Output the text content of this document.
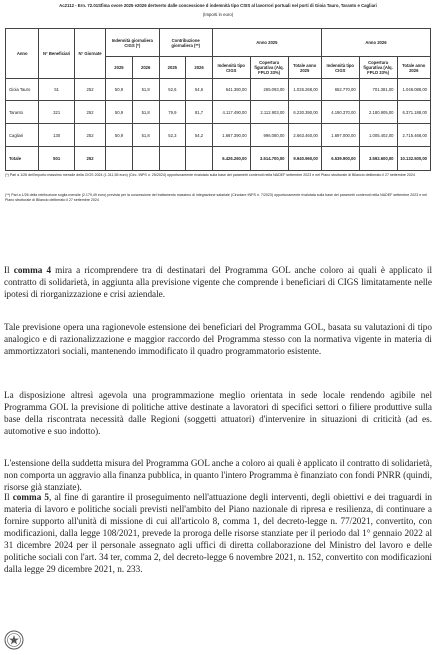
Ac2112 - Ern. 72.01Sfima ovore 2025 e2026 dertverto dalle concessione d indemnità tipo CSIS al lavorrori portuali nel porti di Gioia Tauro, Taranto e Cagliari
(Importi in euro)
Anno	N° Beneficiari	N° Giornate	Indennità giornaliera CIGS (*)		Contribuzione giornaliera (**)		Anno 2025			Anno 2026		
			2025	2026	2025	2026	Indennità tipo CIGS	Copertura figurativa (Alq. FPLD 33%)	Totale anno 2025	Indennità tipo CIGS	Copertura figurativa (Alq. FPLD 33%)	Totale anno 2026
Gioia Tauro	51	252	50,9	51,8	52,6	54,6	641.380,00	265.093,00	1.026.268,00	652.770,00	701.381,00	1.046.088,00
Taranto	321	252	50,9	51,8	79,9	81,7	4.117.490,00	2.112.903,00	6.230.390,00	4.190.370,00	2.180.905,00	6.371.188,00
Cagliari	130	252	50,9	51,8	52,3	54,2	1.667.390,00	996.080,00	2.663.460,00	1.697.000,00	1.005.402,00	2.715.468,00
Totale	501	252					6.426.260,00	3.514.700,00	9.940.960,00	6.539.900,00	3.592.600,00	10.132.500,00
(*) Pari a 1/26 dell'importo massimo mensile della CIGS 2024 (1.311,55 euro) (Circ. INPS n. 25/2024) opportunamente rivalutato sulla base dei parametri contenuti nella NADEF settembre 2023 e nel Piano strutturale di Bilancio deliberato il 27 settembre 2024
(**) Pari a 1/26 della retribuzione soglia mensile (2.179,49 euro) prevista per la concessione del trattamento massimo di integrazione salariale (Circolare INPS n. 7/2023) opportunamente rivalutata sulla base dei parametri contenuti nella NADEF settembre 2023 e nel Piano strutturale di Bilancio deliberato il 27 settembre 2024

Il comma 4 mira a ricomprendere tra di destinatari del Programma GOL anche coloro ai quali è applicato il contratto di solidarietà, in aggiunta alla previsione vigente che comprende i beneficiari di CIGS limitatamente nelle ipotesi di riorganizzazione e crisi aziendale.

Tale previsione opera una ragionevole estensione dei beneficiari del Programma GOL, basata su valutazioni di tipo analogico e di razionalizzazione e maggior raccordo del Programma stesso con la normativa vigente in materia di ammortizzatori sociali, mantenendo immodificato il quadro programmatorio esistente.

La disposizione altresì agevola una programmazione meglio orientata in sede locale rendendo agibile nel Programma GOL la previsione di politiche attive destinate a lavoratori di specifici settori o filiere produttive sulla base della riscontrata necessità dalle Regioni (soggetti attuatori) d'intervenire in situazioni di criticità (ad es. automotive e suo indotto).

L'estensione della suddetta misura del Programma GOL anche a coloro ai quali è applicato il contratto di solidarietà, non comporta un aggravio alla finanza pubblica, in quanto l'intero Programma è finanziato con fondi PNRR (quindi, risorse già stanziate).

Il comma 5, al fine di garantire il proseguimento nell'attuazione degli interventi, degli obiettivi e dei traguardi in materia di lavoro e politiche sociali previsti nell'ambito del Piano nazionale di ripresa e resilienza, di continuare a fornire supporto all'unità di missione di cui all'articolo 8, comma 1, del decreto-legge n. 77/2021, convertito, con modificazioni, dalla legge 108/2021, prevede la proroga delle risorse stanziate per il periodo dal 1° gennaio 2022 al 31 dicembre 2024 per il personale assegnato agli uffici di diretta collaborazione del Ministro del lavoro e delle politiche sociali con l'art. 34 ter, comma 2, del decreto-legge 6 novembre 2021, n. 152, convertito con modificazioni dalla legge 29 dicembre 2021, n. 233.
